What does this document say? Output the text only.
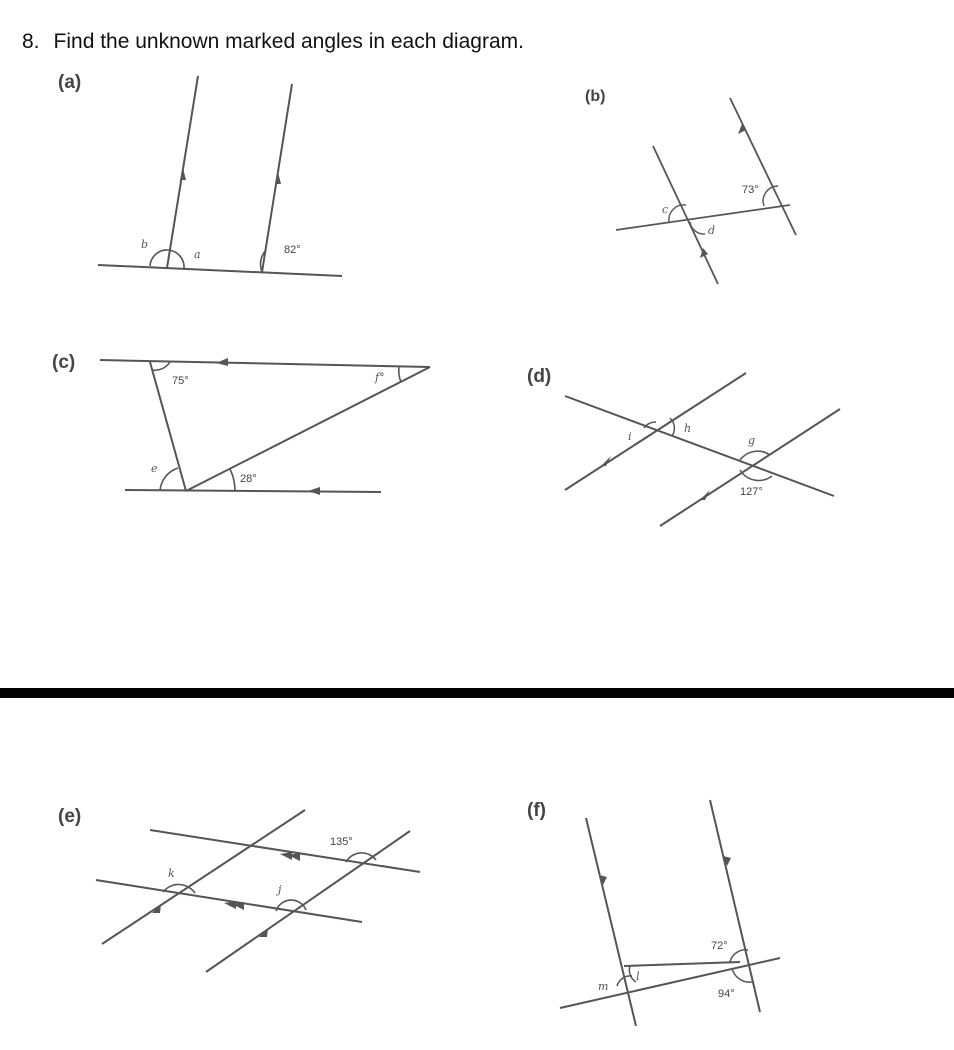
8. Find the unknown marked angles in each diagram.
(a)
(b)
(c)
(d)
(e)	(f)
b
a	82°
c
d
73°
75°	f°
e
28°
i
h
g
127°
k
j
135°
l
m
72°
94°
